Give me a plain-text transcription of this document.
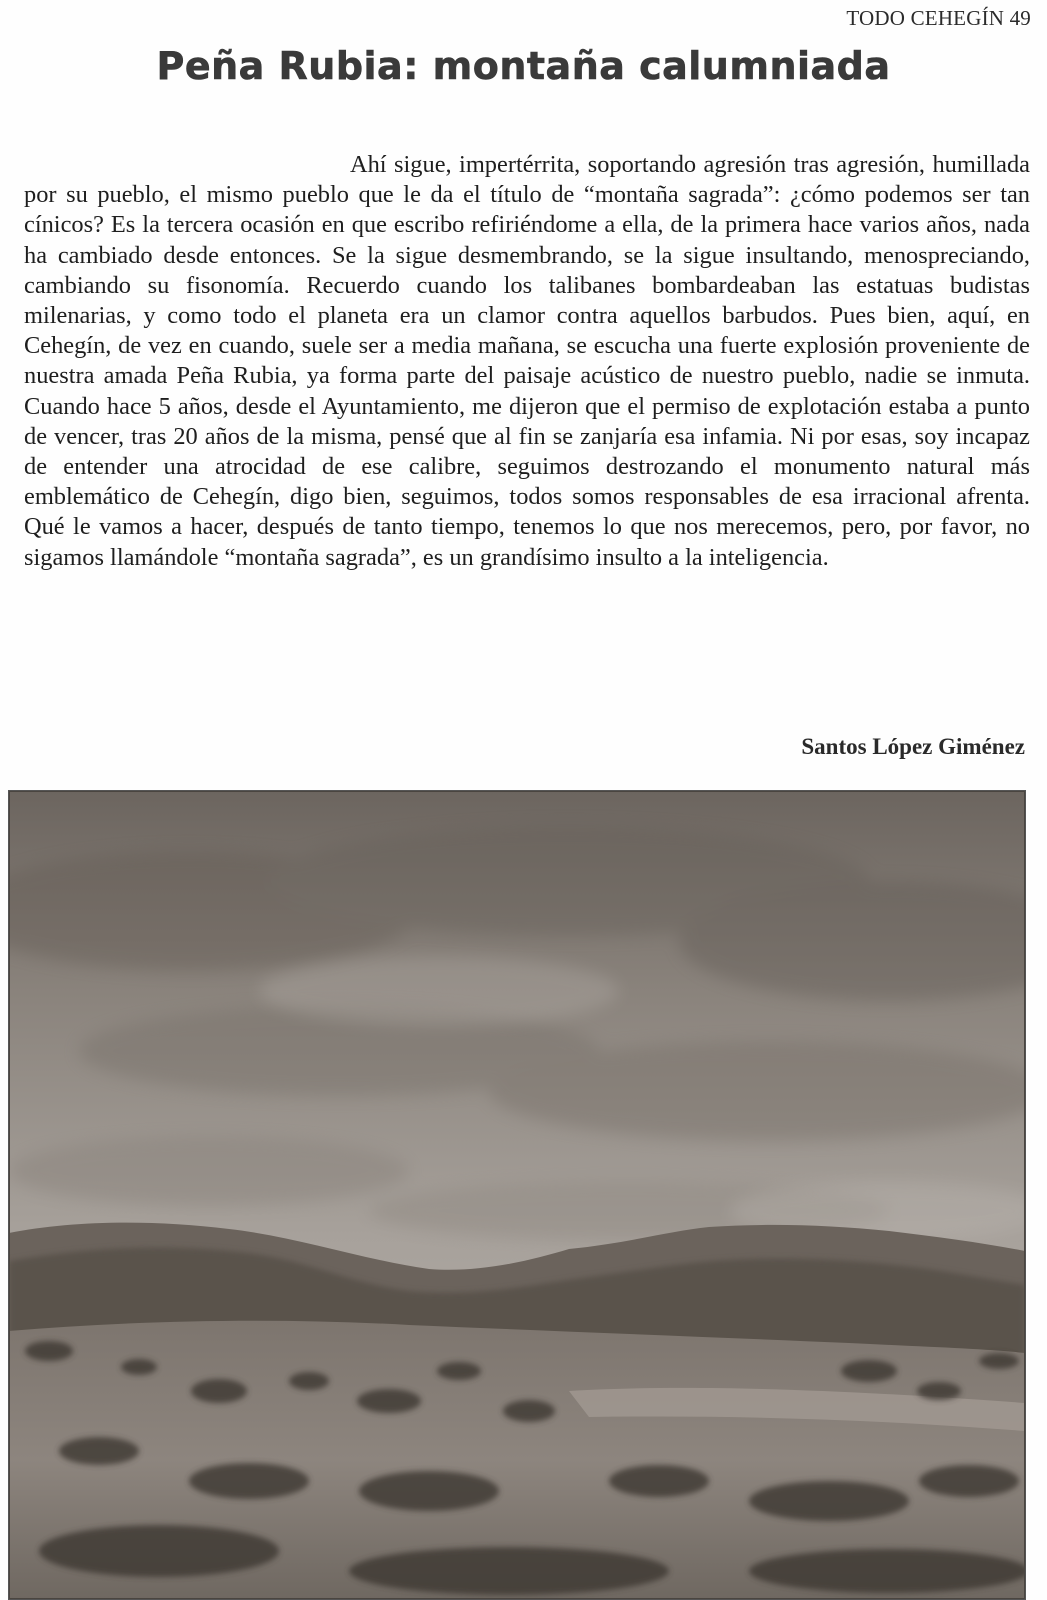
TODO CEHEGÍN 49
Peña Rubia: montaña calumniada

Ahí sigue, impertérrita, soportando agresión tras agresión, humillada por su pueblo, el mismo pueblo que le da el título de “montaña sagrada”: ¿cómo podemos ser tan cínicos? Es la tercera ocasión en que escribo refiriéndome a ella, de la primera hace varios años, nada ha cambiado desde entonces. Se la sigue desmembrando, se la sigue insultando, menospreciando, cambiando su fisonomía. Recuerdo cuando los talibanes bombardeaban las estatuas budistas milenarias, y como todo el planeta era un clamor contra aquellos barbudos. Pues bien, aquí, en Cehegín, de vez en cuando, suele ser a media mañana, se escucha una fuerte explosión proveniente de nuestra amada Peña Rubia, ya forma parte del paisaje acústico de nuestro pueblo, nadie se inmuta. Cuando hace 5 años, desde el Ayuntamiento, me dijeron que el permiso de explotación estaba a punto de vencer, tras 20 años de la misma, pensé que al fin se zanjaría esa infamia. Ni por esas, soy incapaz de entender una atrocidad de ese calibre, seguimos destrozando el monumento natural más emblemático de Cehegín, digo bien, seguimos, todos somos responsables de esa irracional afrenta. Qué le vamos a hacer, después de tanto tiempo, tenemos lo que nos merecemos, pero, por favor, no sigamos llamándole “montaña sagrada”, es un grandísimo insulto a la inteligencia.

Santos López Giménez
